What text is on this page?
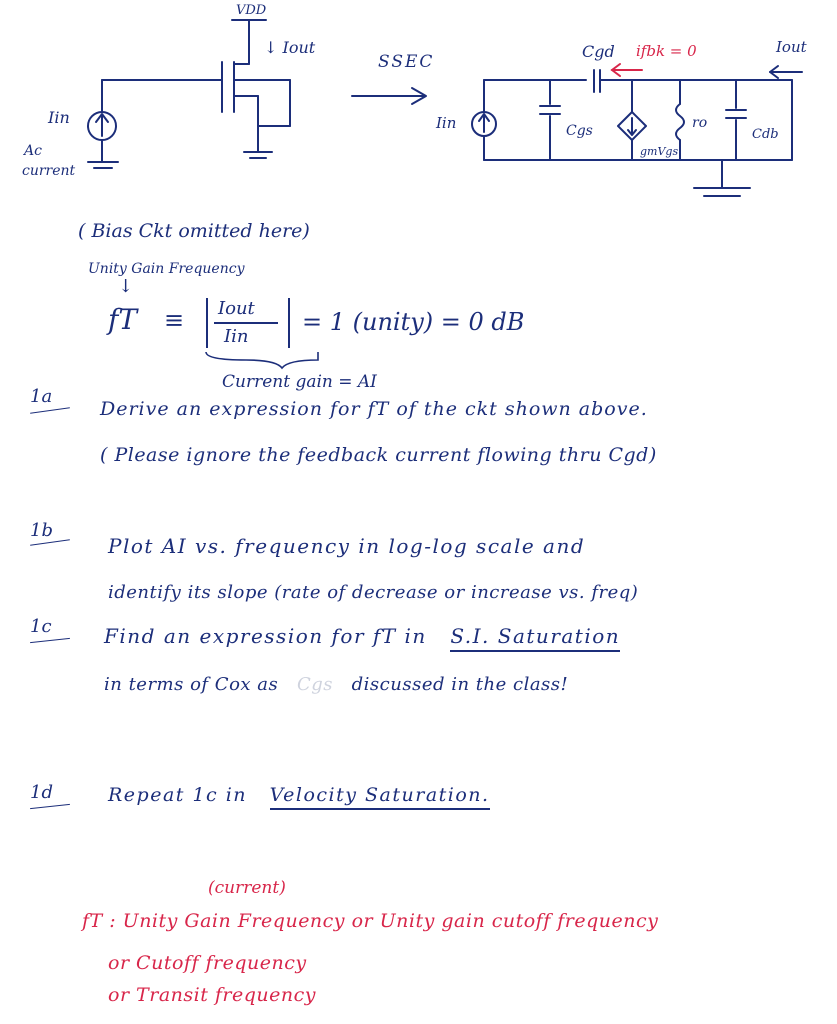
VDD
↓ Iout
Iin
Ac
current
SSEC
Cgd ifbk = 0	Iout
Iin	Cgs
gmVgs
ro
Cdb
( Bias Ckt omitted here)
Unity Gain Frequency
↓
fT ≡ Iout
Iin
= 1 (unity) = 0 dB
Current gain = AI
1a
Derive an expression for fT of the ckt shown above.
( Please ignore the feedback current flowing thru Cgd)
1b
Plot AI vs. frequency in log-log scale and
identify its slope (rate of decrease or increase vs. freq)
1c	Find an expression for fT in S.I. Saturation
in terms of Cox as Cgs discussed in the class!
1d	Repeat 1c in Velocity Saturation.
(current)
fT : Unity Gain Frequency or Unity gain cutoff frequency
or Cutoff frequency
or Transit frequency
